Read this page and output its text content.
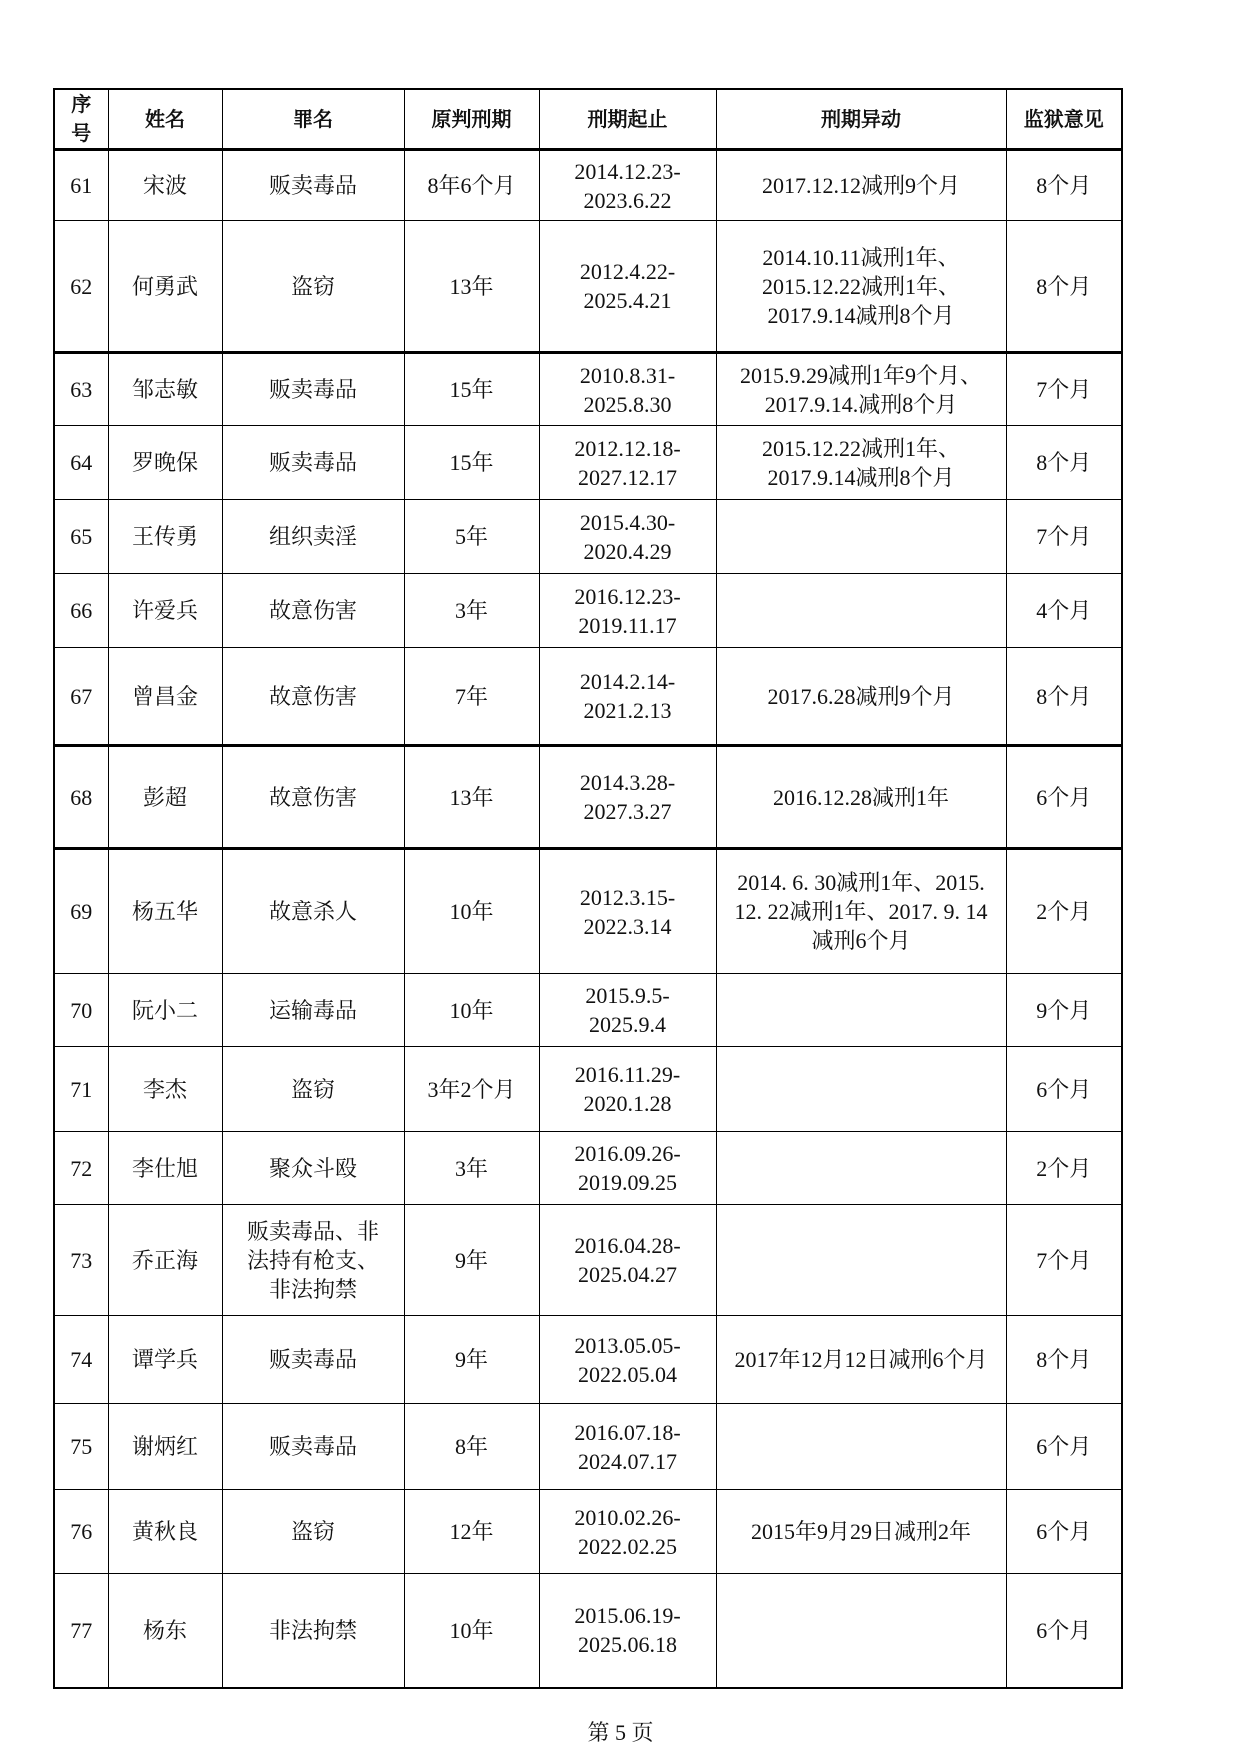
序号	姓名	罪名	原判刑期	刑期起止	刑期异动	监狱意见
61	宋波	贩卖毒品	8年6个月	2014.12.23-2023.6.22	2017.12.12减刑9个月	8个月
62	何勇武	盗窃	13年	2012.4.22-2025.4.21	2014.10.11减刑1年、2015.12.22减刑1年、2017.9.14减刑8个月	8个月
63	邹志敏	贩卖毒品	15年	2010.8.31-2025.8.30	2015.9.29减刑1年9个月、2017.9.14.减刑8个月	7个月
64	罗晚保	贩卖毒品	15年	2012.12.18-2027.12.17	2015.12.22减刑1年、2017.9.14减刑8个月	8个月
65	王传勇	组织卖淫	5年	2015.4.30-2020.4.29		7个月
66	许爱兵	故意伤害	3年	2016.12.23-2019.11.17		4个月
67	曾昌金	故意伤害	7年	2014.2.14-2021.2.13	2017.6.28减刑9个月	8个月
68	彭超	故意伤害	13年	2014.3.28-2027.3.27	2016.12.28减刑1年	6个月
69	杨五华	故意杀人	10年	2012.3.15-2022.3.14	2014. 6. 30减刑1年、2015. 12. 22减刑1年、2017. 9. 14减刑6个月	2个月
70	阮小二	运输毒品	10年	2015.9.5-2025.9.4		9个月
71	李杰	盗窃	3年2个月	2016.11.29-2020.1.28		6个月
72	李仕旭	聚众斗殴	3年	2016.09.26-2019.09.25		2个月
73	乔正海	贩卖毒品、非法持有枪支、非法拘禁	9年	2016.04.28-2025.04.27		7个月
74	谭学兵	贩卖毒品	9年	2013.05.05-2022.05.04	2017年12月12日减刑6个月	8个月
75	谢炳红	贩卖毒品	8年	2016.07.18-2024.07.17		6个月
76	黄秋良	盗窃	12年	2010.02.26-2022.02.25	2015年9月29日减刑2年	6个月
77	杨东	非法拘禁	10年	2015.06.19-2025.06.18		6个月
第 5 页
